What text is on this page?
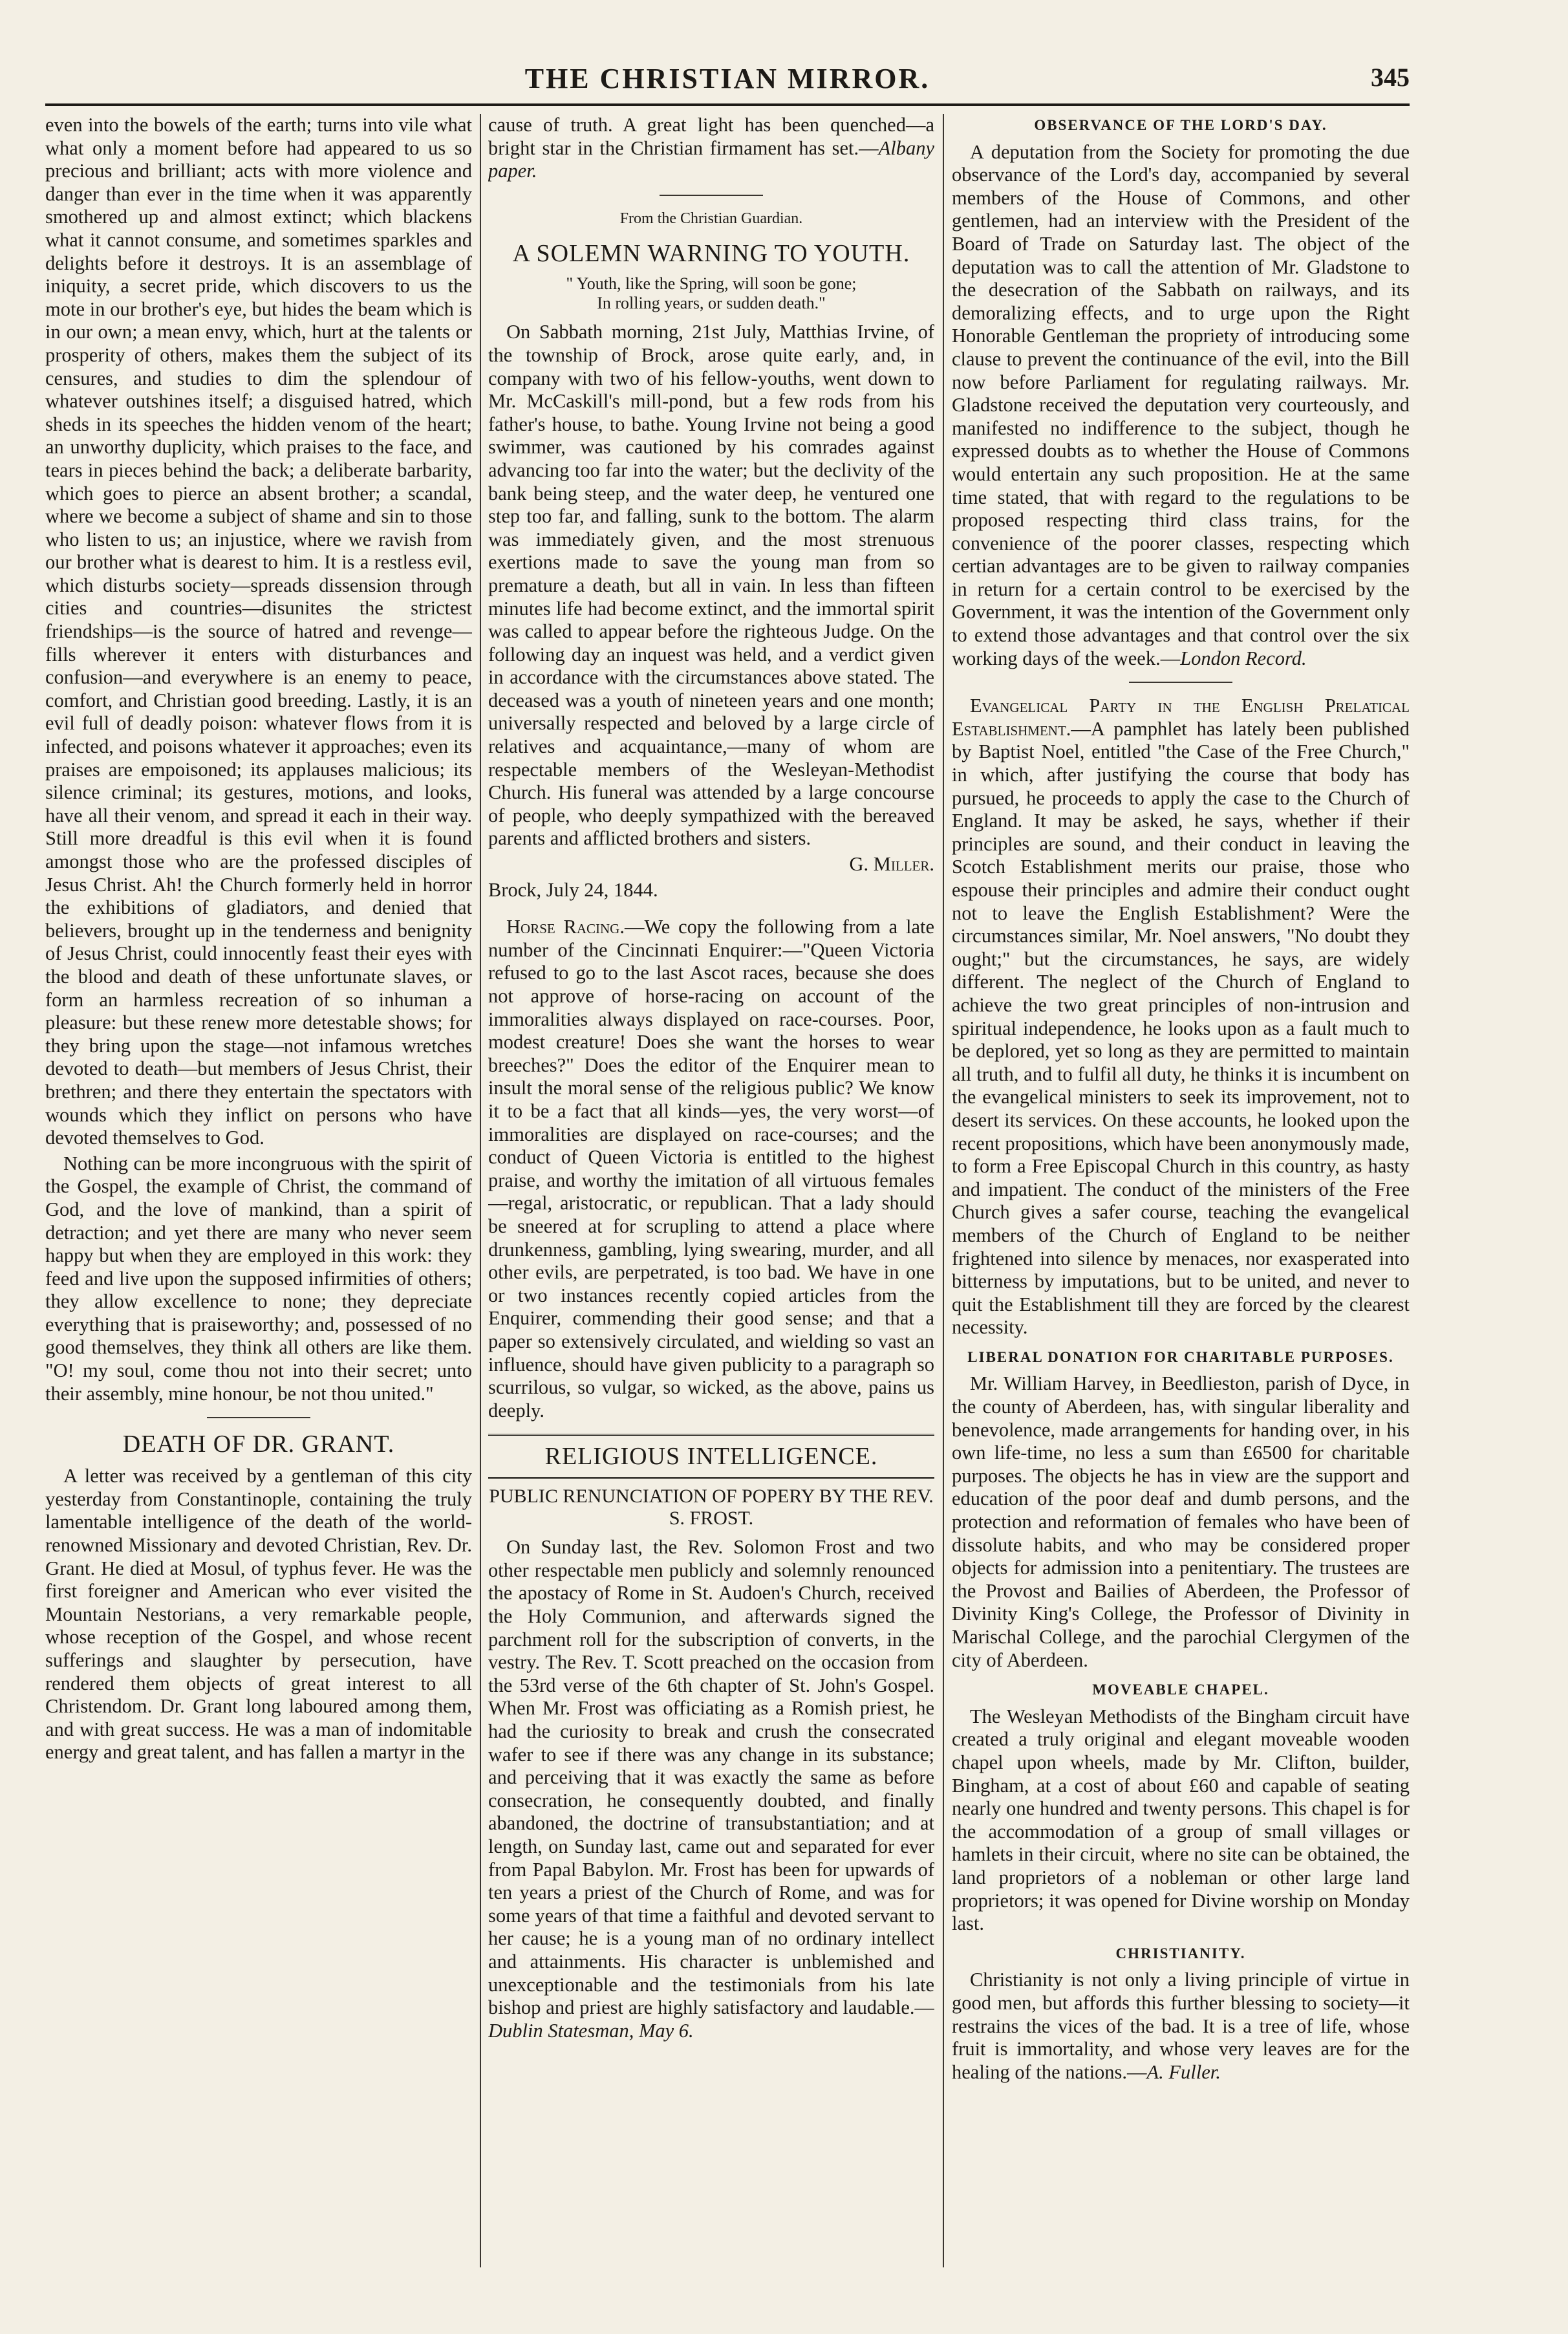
THE CHRISTIAN MIRROR.	345

even into the bowels of the earth; turns into vile what what only a moment before had appeared to us so precious and brilliant; acts with more violence and danger than ever in the time when it was apparently smothered up and almost extinct; which blackens what it cannot consume, and sometimes sparkles and delights before it destroys. It is an assemblage of iniquity, a secret pride, which discovers to us the mote in our brother's eye, but hides the beam which is in our own; a mean envy, which, hurt at the talents or prosperity of others, makes them the subject of its censures, and studies to dim the splendour of whatever outshines itself; a disguised hatred, which sheds in its speeches the hidden venom of the heart; an unworthy duplicity, which praises to the face, and tears in pieces behind the back; a deliberate barbarity, which goes to pierce an absent brother; a scandal, where we become a subject of shame and sin to those who listen to us; an injustice, where we ravish from our brother what is dearest to him. It is a restless evil, which disturbs society—spreads dissension through cities and countries—disunites the strictest friendships—is the source of hatred and revenge—fills wherever it enters with disturbances and confusion—and everywhere is an enemy to peace, comfort, and Christian good breeding. Lastly, it is an evil full of deadly poison: whatever flows from it is infected, and poisons whatever it approaches; even its praises are empoisoned; its applauses malicious; its silence criminal; its gestures, motions, and looks, have all their venom, and spread it each in their way. Still more dreadful is this evil when it is found amongst those who are the professed disciples of Jesus Christ. Ah! the Church formerly held in horror the exhibitions of gladiators, and denied that believers, brought up in the tenderness and benignity of Jesus Christ, could innocently feast their eyes with the blood and death of these unfortunate slaves, or form an harmless recreation of so inhuman a pleasure: but these renew more detestable shows; for they bring upon the stage—not infamous wretches devoted to death—but members of Jesus Christ, their brethren; and there they entertain the spectators with wounds which they inflict on persons who have devoted themselves to God.

Nothing can be more incongruous with the spirit of the Gospel, the example of Christ, the command of God, and the love of mankind, than a spirit of detraction; and yet there are many who never seem happy but when they are employed in this work: they feed and live upon the supposed infirmities of others; they allow excellence to none; they depreciate everything that is praiseworthy; and, possessed of no good themselves, they think all others are like them. "O! my soul, come thou not into their secret; unto their assembly, mine honour, be not thou united."

DEATH OF DR. GRANT.

A letter was received by a gentleman of this city yesterday from Constantinople, containing the truly lamentable intelligence of the death of the world-renowned Missionary and devoted Christian, Rev. Dr. Grant. He died at Mosul, of typhus fever. He was the first foreigner and American who ever visited the Mountain Nestorians, a very remarkable people, whose reception of the Gospel, and whose recent sufferings and slaughter by persecution, have rendered them objects of great interest to all Christendom. Dr. Grant long laboured among them, and with great success. He was a man of indomitable energy and great talent, and has fallen a martyr in the

cause of truth. A great light has been quenched—a bright star in the Christian firmament has set.—Albany paper.

From the Christian Guardian.
A SOLEMN WARNING TO YOUTH.
" Youth, like the Spring, will soon be gone;
In rolling years, or sudden death."

On Sabbath morning, 21st July, Matthias Irvine, of the township of Brock, arose quite early, and, in company with two of his fellow-youths, went down to Mr. McCaskill's mill-pond, but a few rods from his father's house, to bathe. Young Irvine not being a good swimmer, was cautioned by his comrades against advancing too far into the water; but the declivity of the bank being steep, and the water deep, he ventured one step too far, and falling, sunk to the bottom. The alarm was immediately given, and the most strenuous exertions made to save the young man from so premature a death, but all in vain. In less than fifteen minutes life had become extinct, and the immortal spirit was called to appear before the righteous Judge. On the following day an inquest was held, and a verdict given in accordance with the circumstances above stated. The deceased was a youth of nineteen years and one month; universally respected and beloved by a large circle of relatives and acquaintance,—many of whom are respectable members of the Wesleyan-Methodist Church. His funeral was attended by a large concourse of people, who deeply sympathized with the bereaved parents and afflicted brothers and sisters.

G. Miller.

Brock, July 24, 1844.

Horse Racing.—We copy the following from a late number of the Cincinnati Enquirer:—"Queen Victoria refused to go to the last Ascot races, because she does not approve of horse-racing on account of the immoralities always displayed on race-courses. Poor, modest creature! Does she want the horses to wear breeches?" Does the editor of the Enquirer mean to insult the moral sense of the religious public? We know it to be a fact that all kinds—yes, the very worst—of immoralities are displayed on race-courses; and the conduct of Queen Victoria is entitled to the highest praise, and worthy the imitation of all virtuous females—regal, aristocratic, or republican. That a lady should be sneered at for scrupling to attend a place where drunkenness, gambling, lying swearing, murder, and all other evils, are perpetrated, is too bad. We have in one or two instances recently copied articles from the Enquirer, commending their good sense; and that a paper so extensively circulated, and wielding so vast an influence, should have given publicity to a paragraph so scurrilous, so vulgar, so wicked, as the above, pains us deeply.

RELIGIOUS INTELLIGENCE.
PUBLIC RENUNCIATION OF POPERY BY THE REV. S. FROST.

On Sunday last, the Rev. Solomon Frost and two other respectable men publicly and solemnly renounced the apostacy of Rome in St. Audoen's Church, received the Holy Communion, and afterwards signed the parchment roll for the subscription of converts, in the vestry. The Rev. T. Scott preached on the occasion from the 53rd verse of the 6th chapter of St. John's Gospel. When Mr. Frost was officiating as a Romish priest, he had the curiosity to break and crush the consecrated wafer to see if there was any change in its substance; and perceiving that it was exactly the same as before consecration, he consequently doubted, and finally abandoned, the doctrine of transubstantiation; and at length, on Sunday last, came out and separated for ever from Papal Babylon. Mr. Frost has been for upwards of ten years a priest of the Church of Rome, and was for some years of that time a faithful and devoted servant to her cause; he is a young man of no ordinary intellect and attainments. His character is unblemished and unexceptionable and the testimonials from his late bishop and priest are highly satisfactory and laudable.—Dublin Statesman, May 6.

OBSERVANCE OF THE LORD'S DAY.

A deputation from the Society for promoting the due observance of the Lord's day, accompanied by several members of the House of Commons, and other gentlemen, had an interview with the President of the Board of Trade on Saturday last. The object of the deputation was to call the attention of Mr. Gladstone to the desecration of the Sabbath on railways, and its demoralizing effects, and to urge upon the Right Honorable Gentleman the propriety of introducing some clause to prevent the continuance of the evil, into the Bill now before Parliament for regulating railways. Mr. Gladstone received the deputation very courteously, and manifested no indifference to the subject, though he expressed doubts as to whether the House of Commons would entertain any such proposition. He at the same time stated, that with regard to the regulations to be proposed respecting third class trains, for the convenience of the poorer classes, respecting which certian advantages are to be given to railway companies in return for a certain control to be exercised by the Government, it was the intention of the Government only to extend those advantages and that control over the six working days of the week.—London Record.

Evangelical Party in the English Prelatical Establishment.—A pamphlet has lately been published by Baptist Noel, entitled "the Case of the Free Church," in which, after justifying the course that body has pursued, he proceeds to apply the case to the Church of England. It may be asked, he says, whether if their principles are sound, and their conduct in leaving the Scotch Establishment merits our praise, those who espouse their principles and admire their conduct ought not to leave the English Establishment? Were the circumstances similar, Mr. Noel answers, "No doubt they ought;" but the circumstances, he says, are widely different. The neglect of the Church of England to achieve the two great principles of non-intrusion and spiritual independence, he looks upon as a fault much to be deplored, yet so long as they are permitted to maintain all truth, and to fulfil all duty, he thinks it is incumbent on the evangelical ministers to seek its improvement, not to desert its services. On these accounts, he looked upon the recent propositions, which have been anonymously made, to form a Free Episcopal Church in this country, as hasty and impatient. The conduct of the ministers of the Free Church gives a safer course, teaching the evangelical members of the Church of England to be neither frightened into silence by menaces, nor exasperated into bitterness by imputations, but to be united, and never to quit the Establishment till they are forced by the clearest necessity.

LIBERAL DONATION FOR CHARITABLE PURPOSES.

Mr. William Harvey, in Beedlieston, parish of Dyce, in the county of Aberdeen, has, with singular liberality and benevolence, made arrangements for handing over, in his own life-time, no less a sum than £6500 for charitable purposes. The objects he has in view are the support and education of the poor deaf and dumb persons, and the protection and reformation of females who have been of dissolute habits, and who may be considered proper objects for admission into a penitentiary. The trustees are the Provost and Bailies of Aberdeen, the Professor of Divinity King's College, the Professor of Divinity in Marischal College, and the parochial Clergymen of the city of Aberdeen.

MOVEABLE CHAPEL.

The Wesleyan Methodists of the Bingham circuit have created a truly original and elegant moveable wooden chapel upon wheels, made by Mr. Clifton, builder, Bingham, at a cost of about £60 and capable of seating nearly one hundred and twenty persons. This chapel is for the accommodation of a group of small villages or hamlets in their circuit, where no site can be obtained, the land proprietors of a nobleman or other large land proprietors; it was opened for Divine worship on Monday last.

CHRISTIANITY.

Christianity is not only a living principle of virtue in good men, but affords this further blessing to society—it restrains the vices of the bad. It is a tree of life, whose fruit is immortality, and whose very leaves are for the healing of the nations.—A. Fuller.
